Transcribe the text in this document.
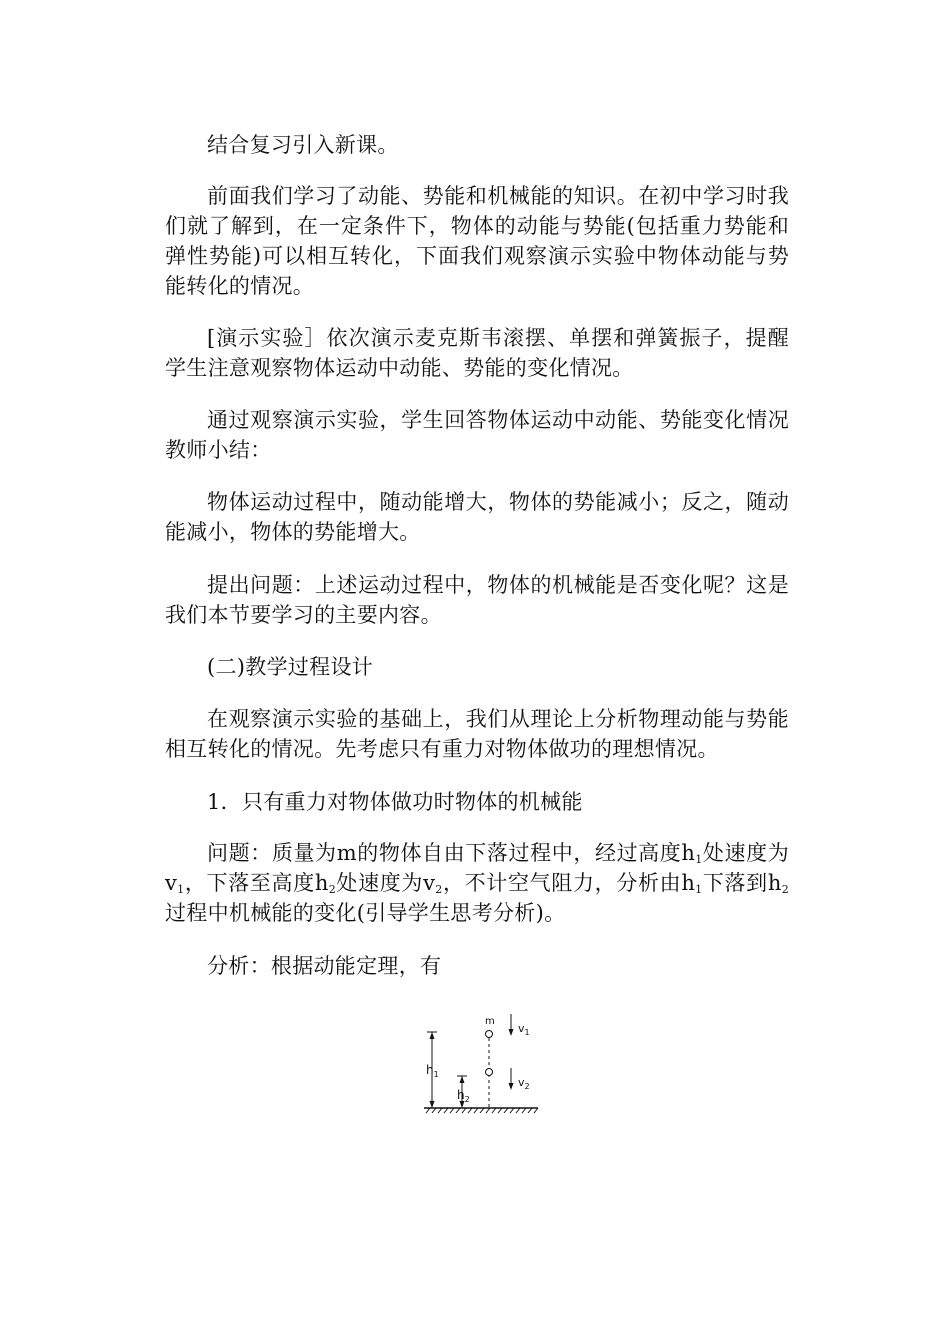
结合复习引入新课。

前面我们学习了动能、势能和机械能的知识。在初中学习时我们就了解到，在一定条件下，物体的动能与势能(包括重力势能和弹性势能)可以相互转化，下面我们观察演示实验中物体动能与势能转化的情况。

[演示实验］依次演示麦克斯韦滚摆、单摆和弹簧振子，提醒学生注意观察物体运动中动能、势能的变化情况。

通过观察演示实验，学生回答物体运动中动能、势能变化情况教师小结：

物体运动过程中，随动能增大，物体的势能减小；反之，随动能减小，物体的势能增大。

提出问题：上述运动过程中，物体的机械能是否变化呢？这是我们本节要学习的主要内容。

(二)教学过程设计

在观察演示实验的基础上，我们从理论上分析物理动能与势能相互转化的情况。先考虑只有重力对物体做功的理想情况。

1．只有重力对物体做功时物体的机械能

问题：质量为m的物体自由下落过程中，经过高度$h_1$处速度为$v_1$，下落至高度$h_2$处速度为$v_2$，不计空气阻力，分析由$h_1$下落到$h_2$过程中机械能的变化(引导学生思考分析)。

分析：根据动能定理，有

$h_1$
$h_2$
m
$v_1$
$v_2$
